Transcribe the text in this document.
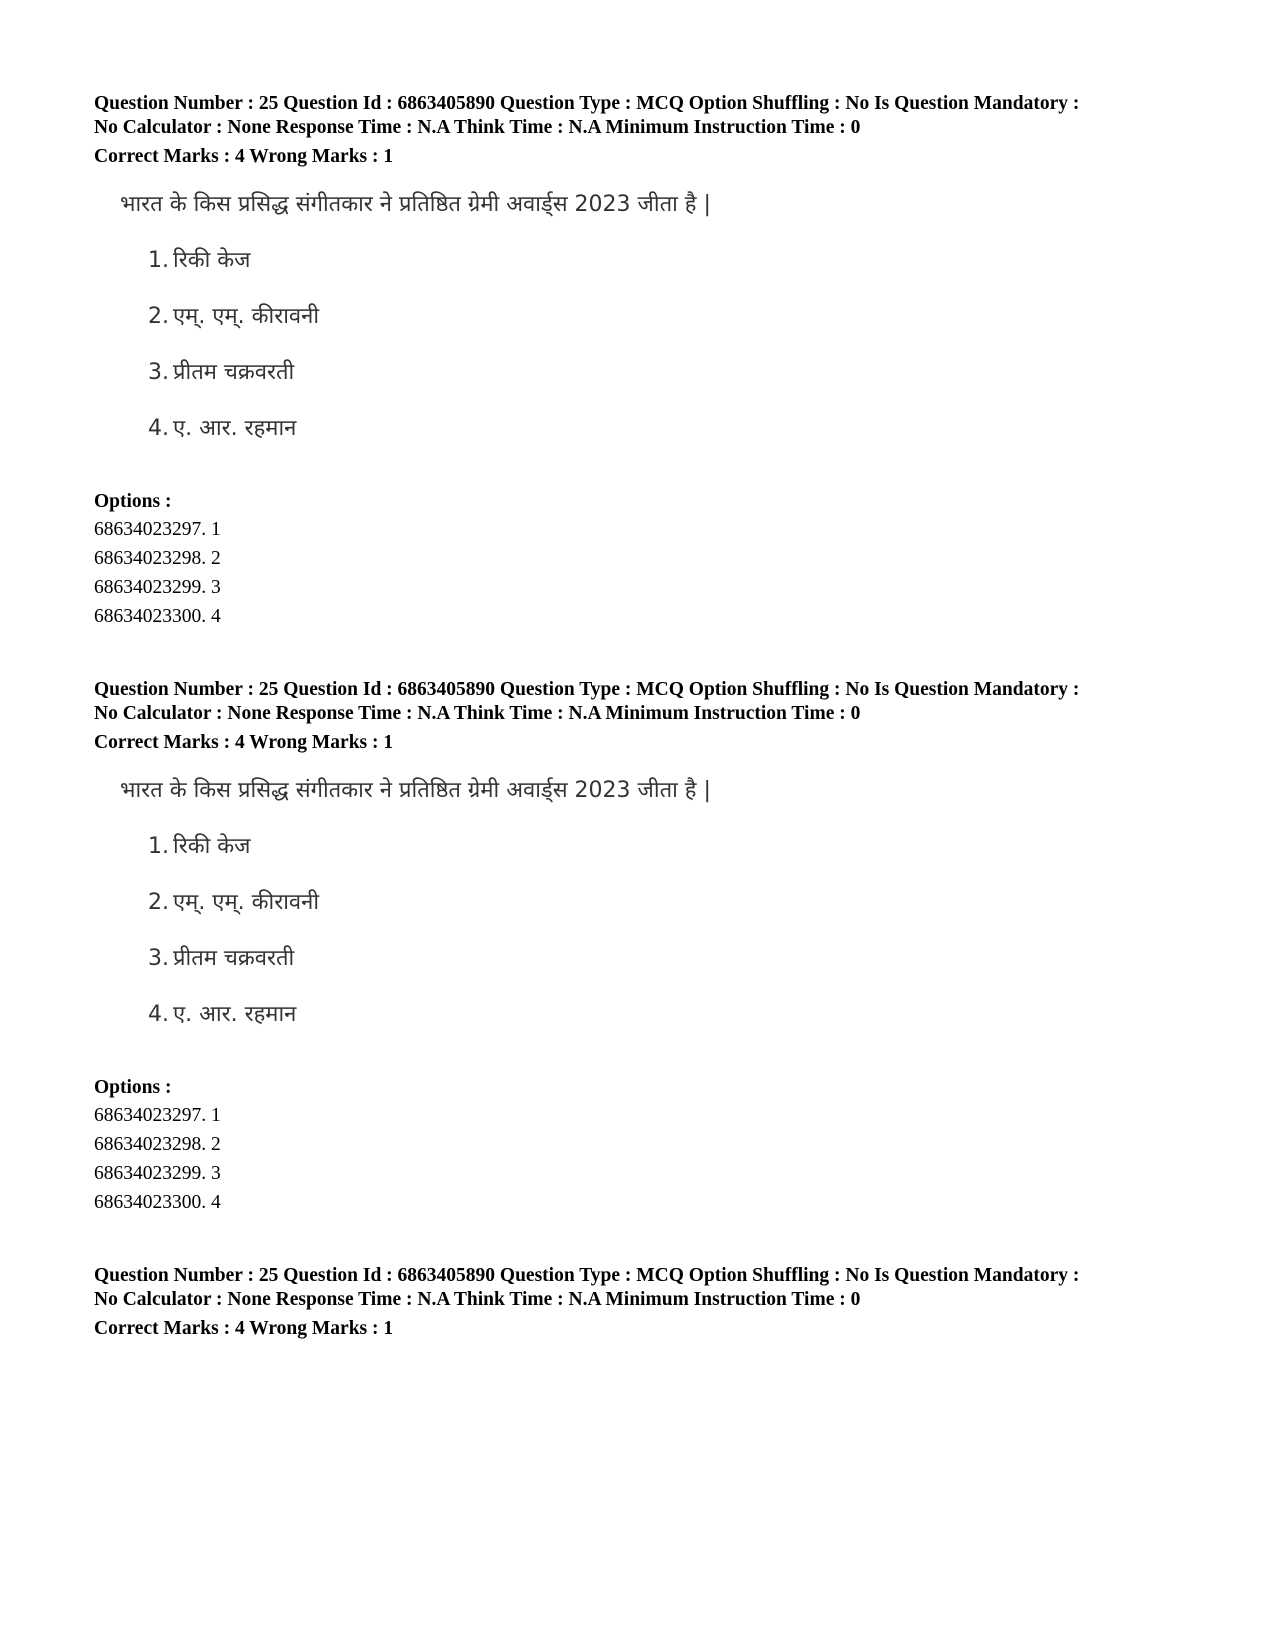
Question Number : 25 Question Id : 6863405890 Question Type : MCQ Option Shuffling : No Is Question Mandatory :

No Calculator : None Response Time : N.A Think Time : N.A Minimum Instruction Time : 0

Correct Marks : 4 Wrong Marks : 1

भारत के किस प्रसिद्ध संगीतकार ने प्रतिष्ठित ग्रेमी अवार्ड्स 2023 जीता है |
1. रिकी केज
2. एम्. एम्. कीरावनी
3. प्रीतम चक्रवरती
4. ए. आर. रहमान

Options :

68634023297. 1

68634023298. 2

68634023299. 3

68634023300. 4

Question Number : 25 Question Id : 6863405890 Question Type : MCQ Option Shuffling : No Is Question Mandatory :

No Calculator : None Response Time : N.A Think Time : N.A Minimum Instruction Time : 0

Correct Marks : 4 Wrong Marks : 1

भारत के किस प्रसिद्ध संगीतकार ने प्रतिष्ठित ग्रेमी अवार्ड्स 2023 जीता है |
1. रिकी केज
2. एम्. एम्. कीरावनी
3. प्रीतम चक्रवरती
4. ए. आर. रहमान

Options :

68634023297. 1

68634023298. 2

68634023299. 3

68634023300. 4

Question Number : 25 Question Id : 6863405890 Question Type : MCQ Option Shuffling : No Is Question Mandatory :

No Calculator : None Response Time : N.A Think Time : N.A Minimum Instruction Time : 0

Correct Marks : 4 Wrong Marks : 1
